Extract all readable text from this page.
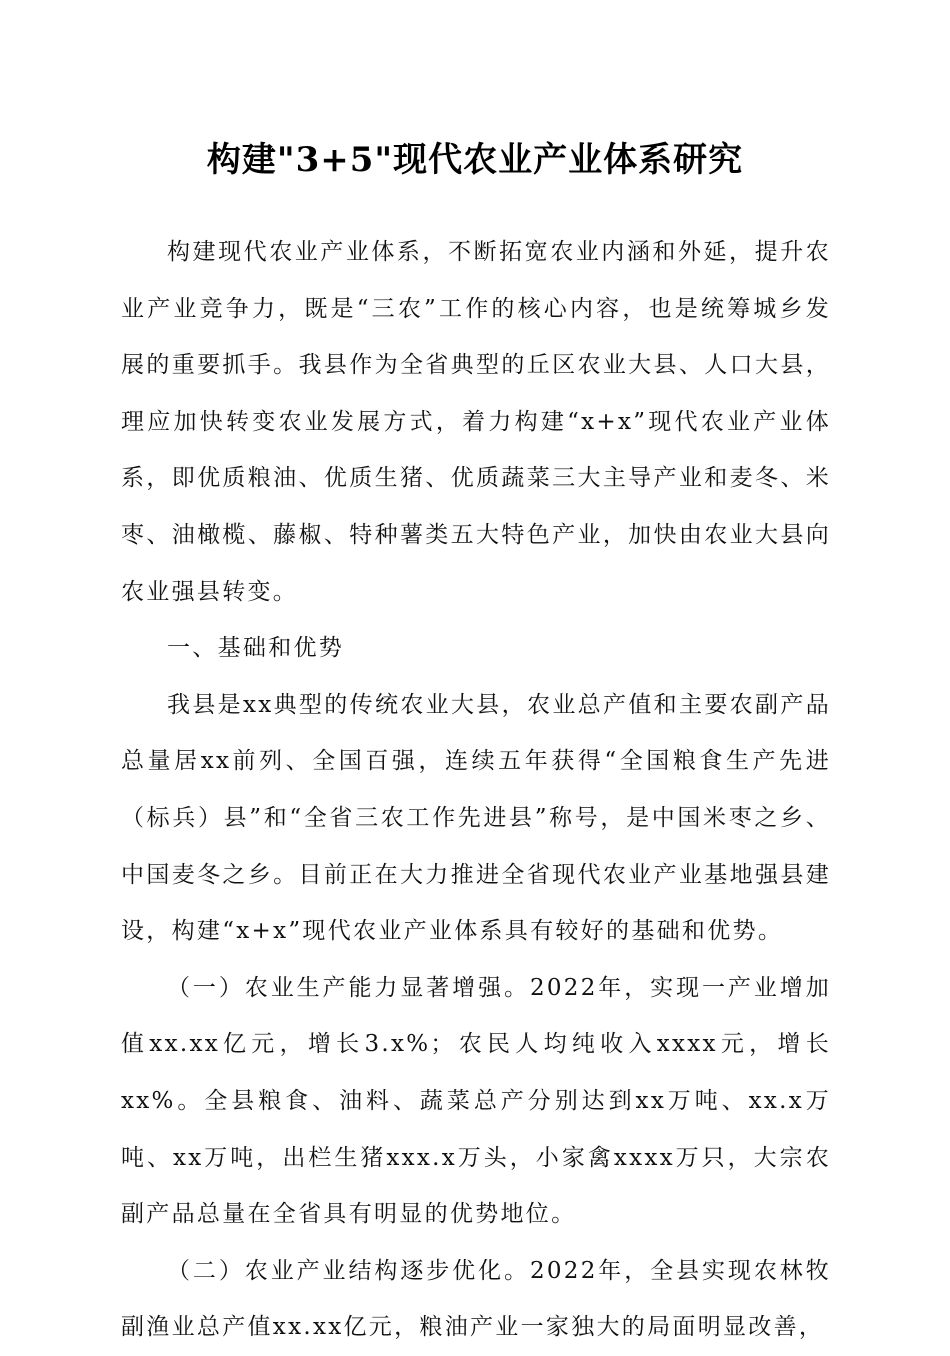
构建"3+5"现代农业产业体系研究

构建现代农业产业体系，不断拓宽农业内涵和外延，提升农业产业竞争力，既是“三农”工作的核心内容，也是统筹城乡发展的重要抓手。我县作为全省典型的丘区农业大县、人口大县，理应加快转变农业发展方式，着力构建“x+x”现代农业产业体系，即优质粮油、优质生猪、优质蔬菜三大主导产业和麦冬、米枣、油橄榄、藤椒、特种薯类五大特色产业，加快由农业大县向农业强县转变。

一、基础和优势

我县是xx典型的传统农业大县，农业总产值和主要农副产品总量居xx前列、全国百强，连续五年获得“全国粮食生产先进（标兵）县”和“全省三农工作先进县”称号，是中国米枣之乡、中国麦冬之乡。目前正在大力推进全省现代农业产业基地强县建设，构建“x+x”现代农业产业体系具有较好的基础和优势。

（一）农业生产能力显著增强。2022年，实现一产业增加值xx.xx亿元，增长3.x%；农民人均纯收入xxxx元，增长xx%。全县粮食、油料、蔬菜总产分别达到xx万吨、xx.x万吨、xx万吨，出栏生猪xxx.x万头，小家禽xxxx万只，大宗农副产品总量在全省具有明显的优势地位。

（二）农业产业结构逐步优化。2022年，全县实现农林牧副渔业总产值xx.xx亿元，粮油产业一家独大的局面明显改善，
